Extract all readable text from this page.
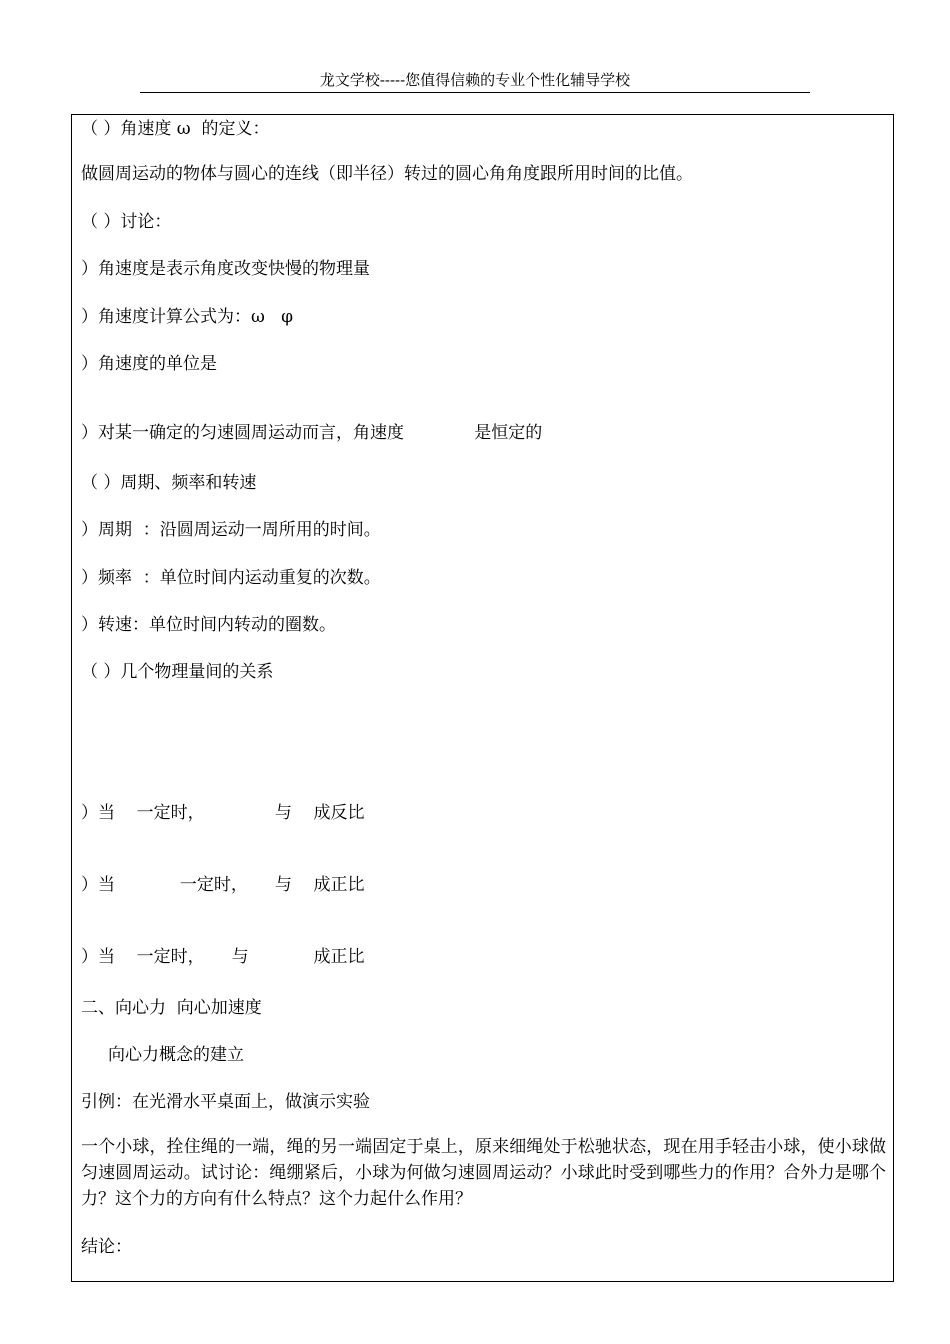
龙文学校-----您值得信赖的专业个性化辅导学校
（ ）角速度 ω  的定义：
做圆周运动的物体与圆心的连线（即半径）转过的圆心角角度跟所用时间的比值。
（ ）讨论：
）角速度是表示角度改变快慢的物理量
）角速度计算公式为：ω   φ
）角速度的单位是
）对某一确定的匀速圆周运动而言，角速度             是恒定的
（ ）周期、频率和转速
）周期  ：沿圆周运动一周所用的时间。
）频率  ：单位时间内运动重复的次数。
）转速：单位时间内转动的圈数。
（ ）几个物理量间的关系
）当    一定时，             与    成反比
）当            一定时，     与    成正比
）当    一定时，     与            成正比
二、向心力  向心加速度
向心力概念的建立
引例：在光滑水平桌面上，做演示实验
一个小球，拴住绳的一端，绳的另一端固定于桌上，原来细绳处于松驰状态，现在用手轻击小球，使小球做匀速圆周运动。试讨论：绳绷紧后，小球为何做匀速圆周运动？小球此时受到哪些力的作用？合外力是哪个力？这个力的方向有什么特点？这个力起什么作用？
结论：
